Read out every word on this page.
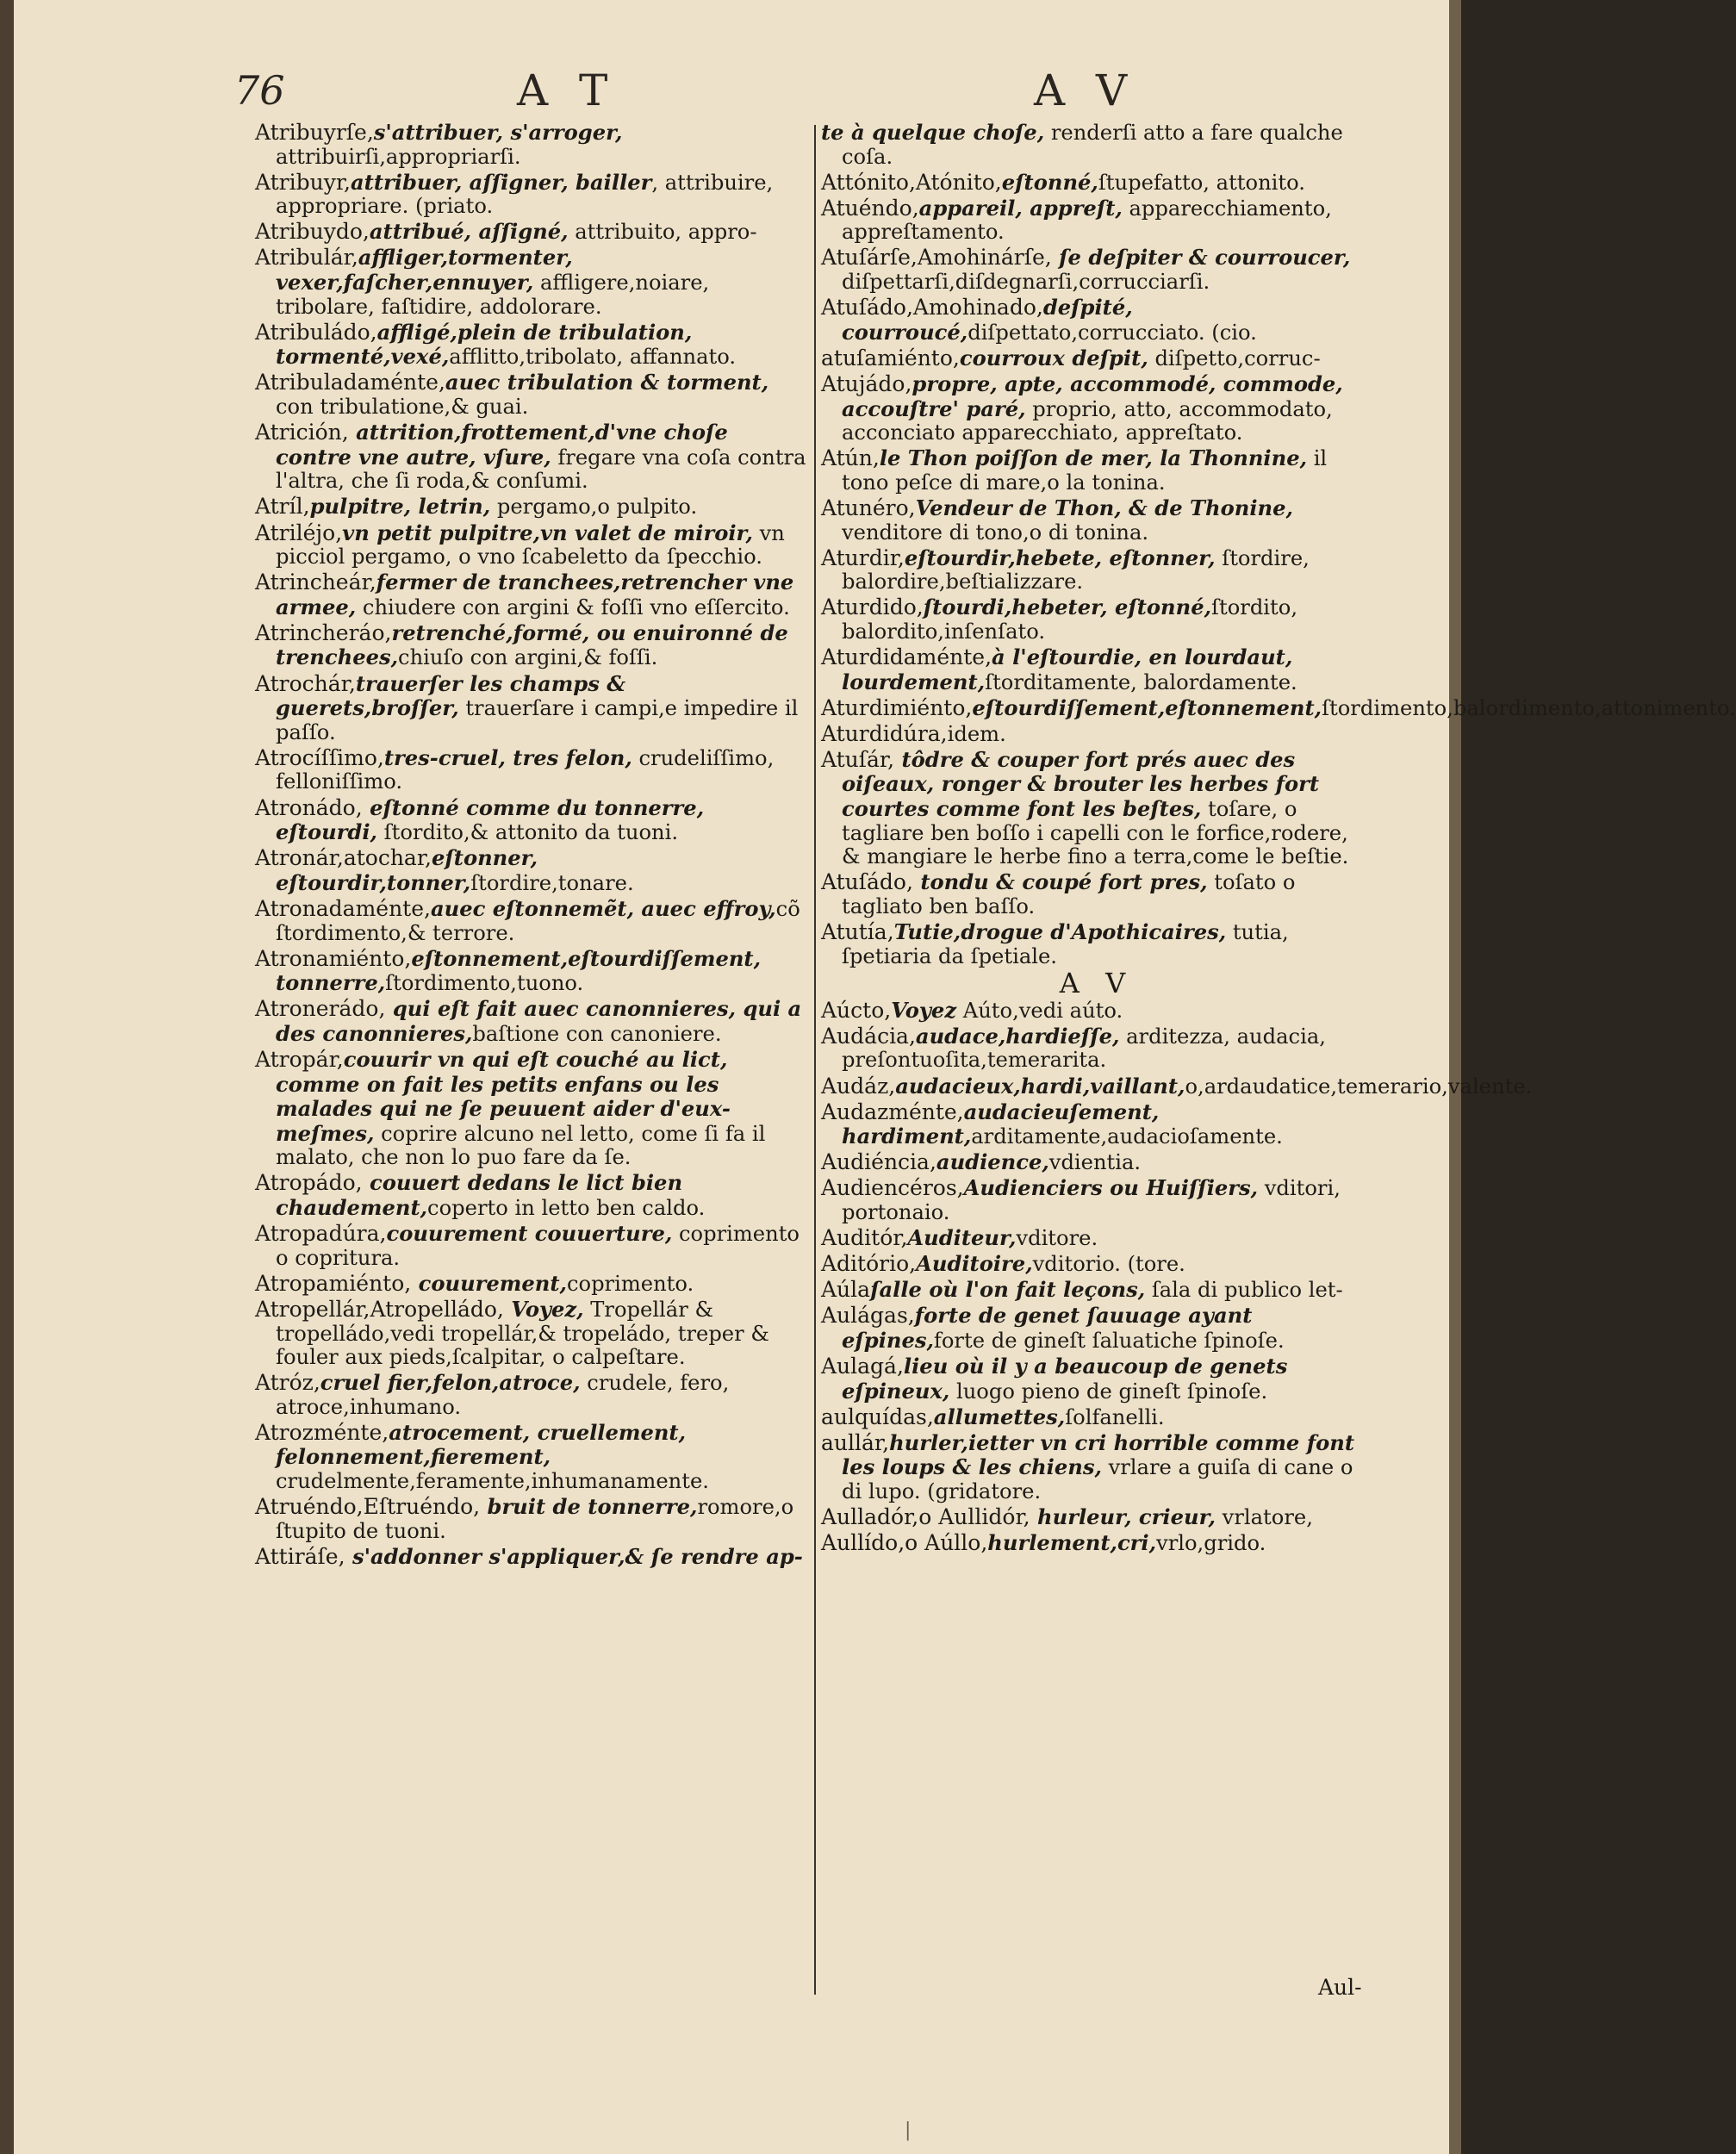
76	A T	A V
Atribuyrſe,s'attribuer, s'arroger, attribuirſi,appropriarſi.
Atribuyr,attribuer, aſſigner, bailler, attribuire, appropriare. (priato.
Atribuydo,attribué, aſſigné, attribuito, appro-
Atribulár,affliger,tormenter, vexer,faſcher,ennuyer, affligere,noiare, tribolare, faſtidire, addolorare.
Atribuládo,affligé,plein de tribulation, tormenté,vexé,afflitto,tribolato, affannato.
Atribuladaménte,auec tribulation & torment, con tribulatione,& guai.
Atrición, attrition,frottement,d'vne choſe contre vne autre, vſure, fregare vna coſa contra l'altra, che ſi roda,& conſumi.
Atríl,pulpitre, letrin, pergamo,o pulpito.
Atriléjo,vn petit pulpitre,vn valet de miroir, vn picciol pergamo, o vno ſcabeletto da ſpecchio.
Atrincheár,fermer de tranchees,retrencher vne armee, chiudere con argini & foſſi vno eſſercito.
Atrincheráo,retrenché,formé, ou enuironné de trenchees,chiuſo con argini,& foſſi.
Atrochár,trauerſer les champs & guerets,broſſer, trauerſare i campi,e impedire il paſſo.
Atrocíſſimo,tres-cruel, tres felon, crudeliſſimo, felloniſſimo.
Atronádo, eſtonné comme du tonnerre, eſtourdi, ſtordito,& attonito da tuoni.
Atronár,atochar,eſtonner, eſtourdir,tonner,ſtordire,tonare.
Atronadaménte,auec eſtonnemẽt, auec effroy,cõ ſtordimento,& terrore.
Atronamiénto,eſtonnement,eſtourdiſſement, tonnerre,ſtordimento,tuono.
Atronerádo, qui eſt fait auec canonnieres, qui a des canonnieres,baſtione con canoniere.
Atropár,couurir vn qui eſt couché au lict, comme on fait les petits enfans ou les malades qui ne ſe peuuent aider d'eux-meſmes, coprire alcuno nel letto, come ſi fa il malato, che non lo puo fare da ſe.
Atropádo, couuert dedans le lict bien chaudement,coperto in letto ben caldo.
Atropadúra,couurement couuerture, coprimento o copritura.
Atropamiénto, couurement,coprimento.
Atropellár,Atropelládo, Voyez, Tropellár & tropelládo,vedi tropellár,& tropeládo, treper & fouler aux pieds,ſcalpitar, o calpeſtare.
Atróz,cruel fier,felon,atroce, crudele, fero, atroce,inhumano.
Atrozménte,atrocement, cruellement, felonnement,fierement, crudelmente,feramente,inhumanamente.
Atruéndo,Eſtruéndo, bruit de tonnerre,romore,o ſtupito de tuoni.
Attiráſe, s'addonner s'appliquer,& ſe rendre ap-
te à quelque choſe, renderſi atto a fare qualche coſa.
Attónito,Atónito,eſtonné,ſtupefatto, attonito.
Atuéndo,appareil, appreſt, apparecchiamento, appreſtamento.
Atuſárſe,Amohinárſe, ſe deſpiter & courroucer, diſpettarſi,diſdegnarſi,corrucciarſi.
Atuſádo,Amohinado,deſpité, courroucé,diſpettato,corrucciato. (cio.
atuſamiénto,courroux deſpit, diſpetto,corruc-
Atujádo,propre, apte, accommodé, commode, accouſtre' paré, proprio, atto, accommodato, acconciato apparecchiato, appreſtato.
Atún,le Thon poiſſon de mer, la Thonnine, il tono peſce di mare,o la tonina.
Atunéro,Vendeur de Thon, & de Thonine, venditore di tono,o di tonina.
Aturdir,eſtourdir,hebete, eſtonner, ſtordire, balordire,beſtializzare.
Aturdido,ſtourdi,hebeter, eſtonné,ſtordito, balordito,inſenſato.
Aturdidaménte,à l'eſtourdie, en lourdaut, lourdement,ſtorditamente, balordamente.
Aturdimiénto,eſtourdiſſement,eſtonnement,ſtordimento,balordimento,attonimento.
Aturdidúra,idem.
Atuſár, tôdre & couper fort prés auec des oiſeaux, ronger & brouter les herbes fort courtes comme font les beſtes, toſare, o tagliare ben boſſo i capelli con le forfice,rodere, & mangiare le herbe fino a terra,come le beſtie.
Atuſádo, tondu & coupé fort pres, toſato o tagliato ben baſſo.
Atutía,Tutie,drogue d'Apothicaires, tutia, ſpetiaria da ſpetiale.
A V
Aúcto,Voyez Aúto,vedi aúto.
Audácia,audace,hardieſſe, arditezza, audacia, preſontuoſita,temerarita.
Audáz,audacieux,hardi,vaillant,o,ardaudatice,temerario,valente.
Audazménte,audacieuſement, hardiment,arditamente,audacioſamente.
Audiéncia,audience,vdientia.
Audiencéros,Audienciers ou Huiſſiers, vditori, portonaio.
Auditór,Auditeur,vditore.
Aditório,Auditoire,vditorio. (tore.
Aúlaſalle où l'on fait leçons, ſala di publico let-
Aulágas,forte de genet ſauuage ayant eſpines,forte de gineſt ſaluatiche ſpinoſe.
Aulagá,lieu où il y a beaucoup de genets eſpineux, luogo pieno de gineſt ſpinoſe.
aulquídas,allumettes,ſolfanelli.
aullár,hurler,ietter vn cri horrible comme font les loups & les chiens, vrlare a guiſa di cane o di lupo. (gridatore.
Aulladór,o Aullidór, hurleur, crieur, vrlatore,
Aullído,o Aúllo,hurlement,cri,vrlo,grido.
Aul-
|
